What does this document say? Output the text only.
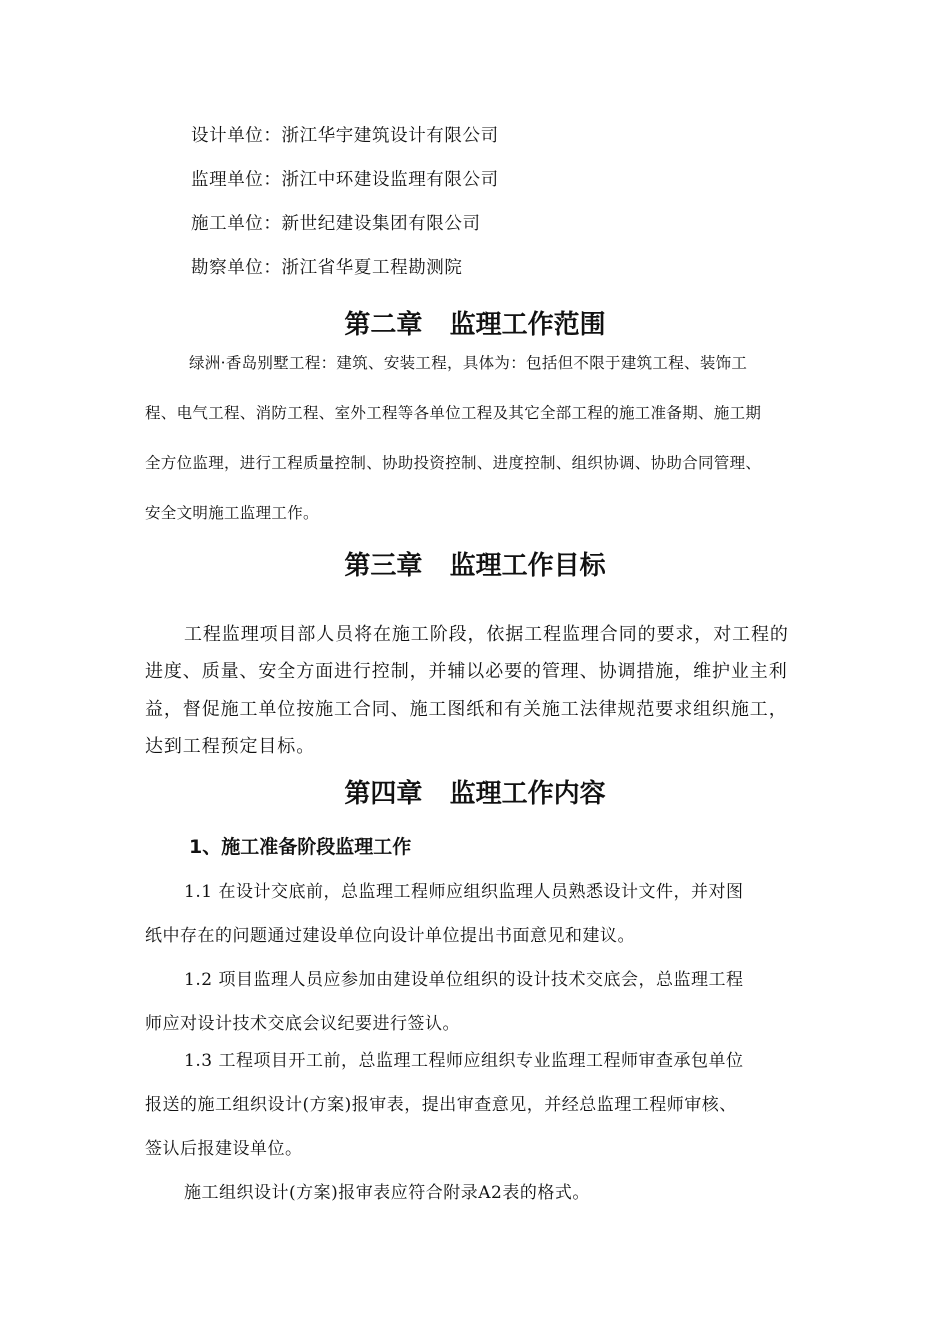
设计单位：浙江华宇建筑设计有限公司
监理单位：浙江中环建设监理有限公司
施工单位：新世纪建设集团有限公司
勘察单位：浙江省华夏工程勘测院
第二章   监理工作范围
绿洲·香岛别墅工程：建筑、安装工程，具体为：包括但不限于建筑工程、装饰工
程、电气工程、消防工程、室外工程等各单位工程及其它全部工程的施工准备期、施工期
全方位监理，进行工程质量控制、协助投资控制、进度控制、组织协调、协助合同管理、
安全文明施工监理工作。
第三章   监理工作目标
工程监理项目部人员将在施工阶段，依据工程监理合同的要求，对工程的
进度、质量、安全方面进行控制，并辅以必要的管理、协调措施，维护业主利
益，督促施工单位按施工合同、施工图纸和有关施工法律规范要求组织施工，
达到工程预定目标。
第四章   监理工作内容
1、施工准备阶段监理工作
1.1 在设计交底前，总监理工程师应组织监理人员熟悉设计文件，并对图
纸中存在的问题通过建设单位向设计单位提出书面意见和建议。
1.2 项目监理人员应参加由建设单位组织的设计技术交底会，总监理工程
师应对设计技术交底会议纪要进行签认。
1.3 工程项目开工前，总监理工程师应组织专业监理工程师审查承包单位
报送的施工组织设计(方案)报审表，提出审查意见，并经总监理工程师审核、
签认后报建设单位。
施工组织设计(方案)报审表应符合附录A2表的格式。
